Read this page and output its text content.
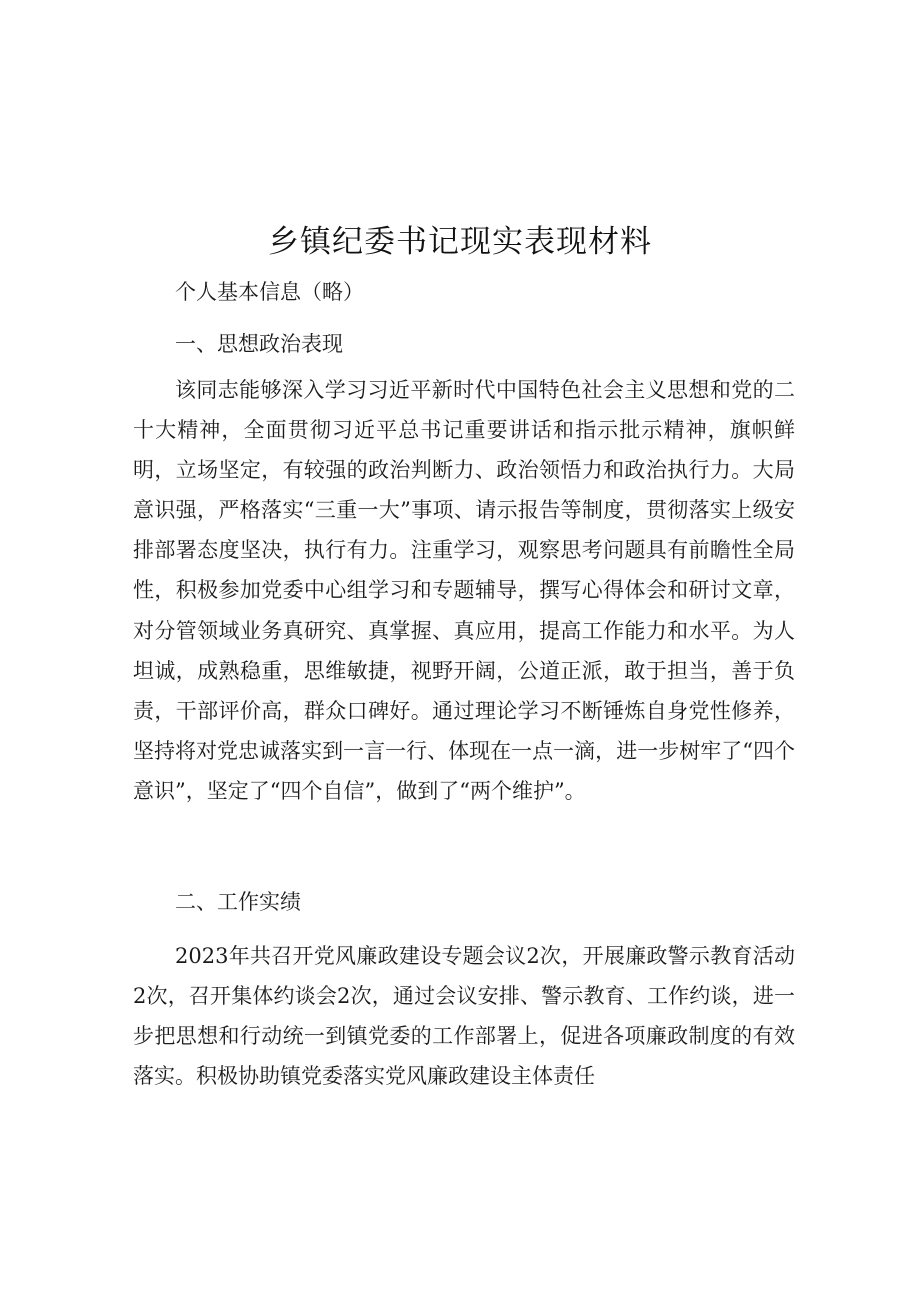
乡镇纪委书记现实表现材料

个人基本信息（略）

一、思想政治表现

该同志能够深入学习习近平新时代中国特色社会主义思想和党的二十大精神，全面贯彻习近平总书记重要讲话和指示批示精神，旗帜鲜明，立场坚定，有较强的政治判断力、政治领悟力和政治执行力。大局意识强，严格落实“三重一大”事项、请示报告等制度，贯彻落实上级安排部署态度坚决，执行有力。注重学习，观察思考问题具有前瞻性全局性，积极参加党委中心组学习和专题辅导，撰写心得体会和研讨文章，对分管领域业务真研究、真掌握、真应用，提高工作能力和水平。为人坦诚，成熟稳重，思维敏捷，视野开阔，公道正派，敢于担当，善于负责，干部评价高，群众口碑好。通过理论学习不断锤炼自身党性修养，坚持将对党忠诚落实到一言一行、体现在一点一滴，进一步树牢了“四个意识”，坚定了“四个自信”，做到了“两个维护”。

二、工作实绩

2023年共召开党风廉政建设专题会议2次，开展廉政警示教育活动2次，召开集体约谈会2次，通过会议安排、警示教育、工作约谈，进一步把思想和行动统一到镇党委的工作部署上，促进各项廉政制度的有效落实。积极协助镇党委落实党风廉政建设主体责任
